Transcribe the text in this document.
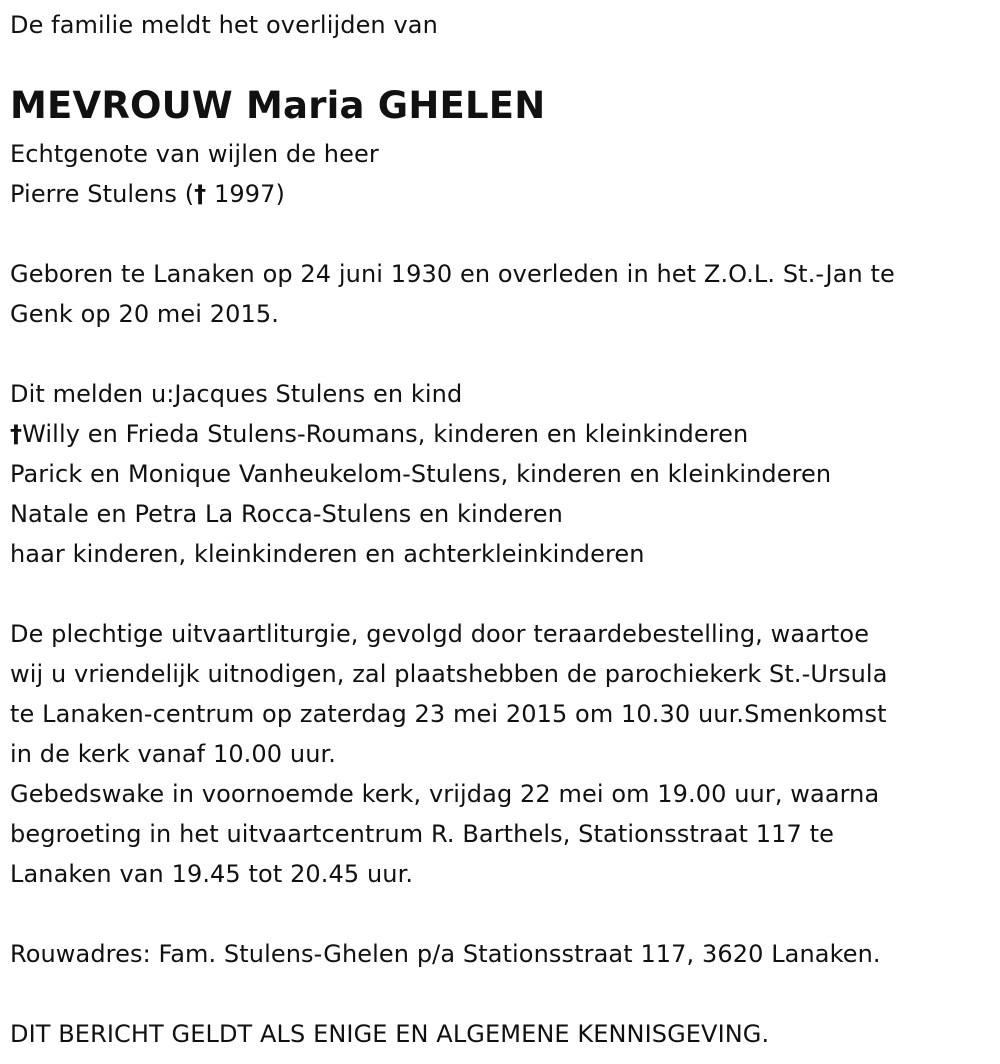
De familie meldt het overlijden van
MEVROUW Maria GHELEN
Echtgenote van wijlen de heer
Pierre Stulens († 1997)
Geboren te Lanaken op 24 juni 1930 en overleden in het Z.O.L. St.-Jan te
Genk op 20 mei 2015.
Dit melden u:Jacques Stulens en kind
†Willy en Frieda Stulens-Roumans, kinderen en kleinkinderen
Parick en Monique Vanheukelom-Stulens, kinderen en kleinkinderen
Natale en Petra La Rocca-Stulens en kinderen
haar kinderen, kleinkinderen en achterkleinkinderen
De plechtige uitvaartliturgie, gevolgd door teraardebestelling, waartoe
wij u vriendelijk uitnodigen, zal plaatshebben de parochiekerk St.-Ursula
te Lanaken-centrum op zaterdag 23 mei 2015 om 10.30 uur.Smenkomst
in de kerk vanaf 10.00 uur.
Gebedswake in voornoemde kerk, vrijdag 22 mei om 19.00 uur, waarna
begroeting in het uitvaartcentrum R. Barthels, Stationsstraat 117 te
Lanaken van 19.45 tot 20.45 uur.
Rouwadres: Fam. Stulens-Ghelen p/a Stationsstraat 117, 3620 Lanaken.
DIT BERICHT GELDT ALS ENIGE EN ALGEMENE KENNISGEVING.
